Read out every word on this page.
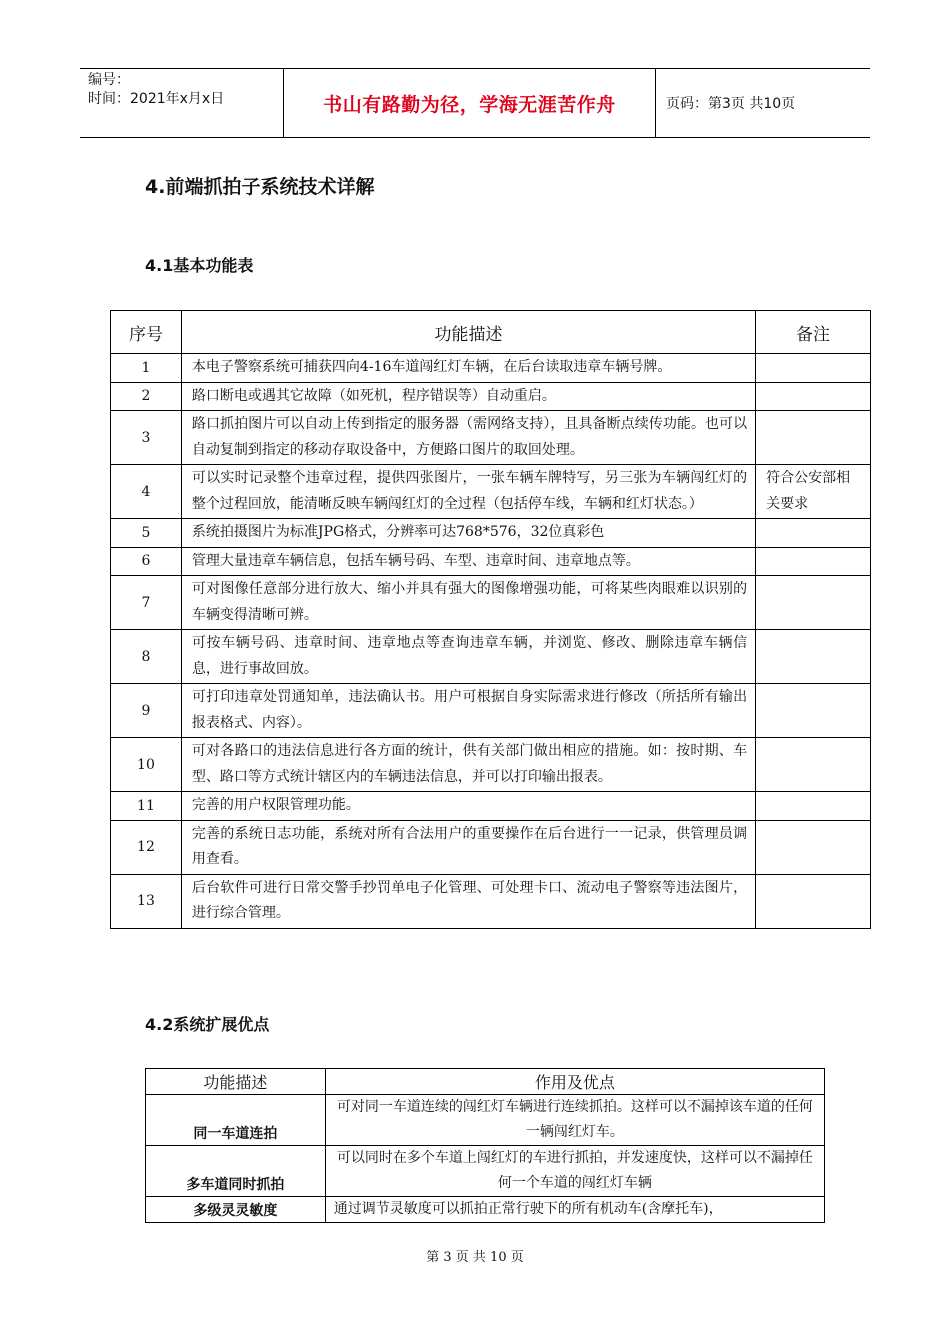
编号：
时间：2021年x月x日	书山有路勤为径，学海无涯苦作舟	页码：第3页 共10页
4.前端抓拍子系统技术详解
4.1基本功能表
序号	功能描述	备注
1	本电子警察系统可捕获四向4-16车道闯红灯车辆，在后台读取违章车辆号牌。	
2	路口断电或遇其它故障（如死机，程序错误等）自动重启。	
3	路口抓拍图片可以自动上传到指定的服务器（需网络支持），且具备断点续传功能。也可以自动复制到指定的移动存取设备中，方便路口图片的取回处理。	
4	可以实时记录整个违章过程，提供四张图片，一张车辆车牌特写，另三张为车辆闯红灯的整个过程回放，能清晰反映车辆闯红灯的全过程（包括停车线，车辆和红灯状态。）	符合公安部相关要求
5	系统拍摄图片为标准JPG格式，分辨率可达768*576，32位真彩色	
6	管理大量违章车辆信息，包括车辆号码、车型、违章时间、违章地点等。	
7	可对图像任意部分进行放大、缩小并具有强大的图像增强功能，可将某些肉眼难以识别的车辆变得清晰可辨。	
8	可按车辆号码、违章时间、违章地点等查询违章车辆，并浏览、修改、删除违章车辆信息，进行事故回放。	
9	可打印违章处罚通知单，违法确认书。用户可根据自身实际需求进行修改（所括所有输出报表格式、内容）。	
10	可对各路口的违法信息进行各方面的统计，供有关部门做出相应的措施。如：按时期、车型、路口等方式统计辖区内的车辆违法信息，并可以打印输出报表。	
11	完善的用户权限管理功能。	
12	完善的系统日志功能，系统对所有合法用户的重要操作在后台进行一一记录，供管理员调用查看。	
13	后台软件可进行日常交警手抄罚单电子化管理、可处理卡口、流动电子警察等违法图片，进行综合管理。	
4.2系统扩展优点
功能描述	作用及优点
同一车道连拍	可对同一车道连续的闯红灯车辆进行连续抓拍。这样可以不漏掉该车道的任何一辆闯红灯车。
多车道同时抓拍	可以同时在多个车道上闯红灯的车进行抓拍，并发速度快，这样可以不漏掉任何一个车道的闯红灯车辆
多级灵灵敏度	通过调节灵敏度可以抓拍正常行驶下的所有机动车(含摩托车)，
第 3 页 共 10 页
